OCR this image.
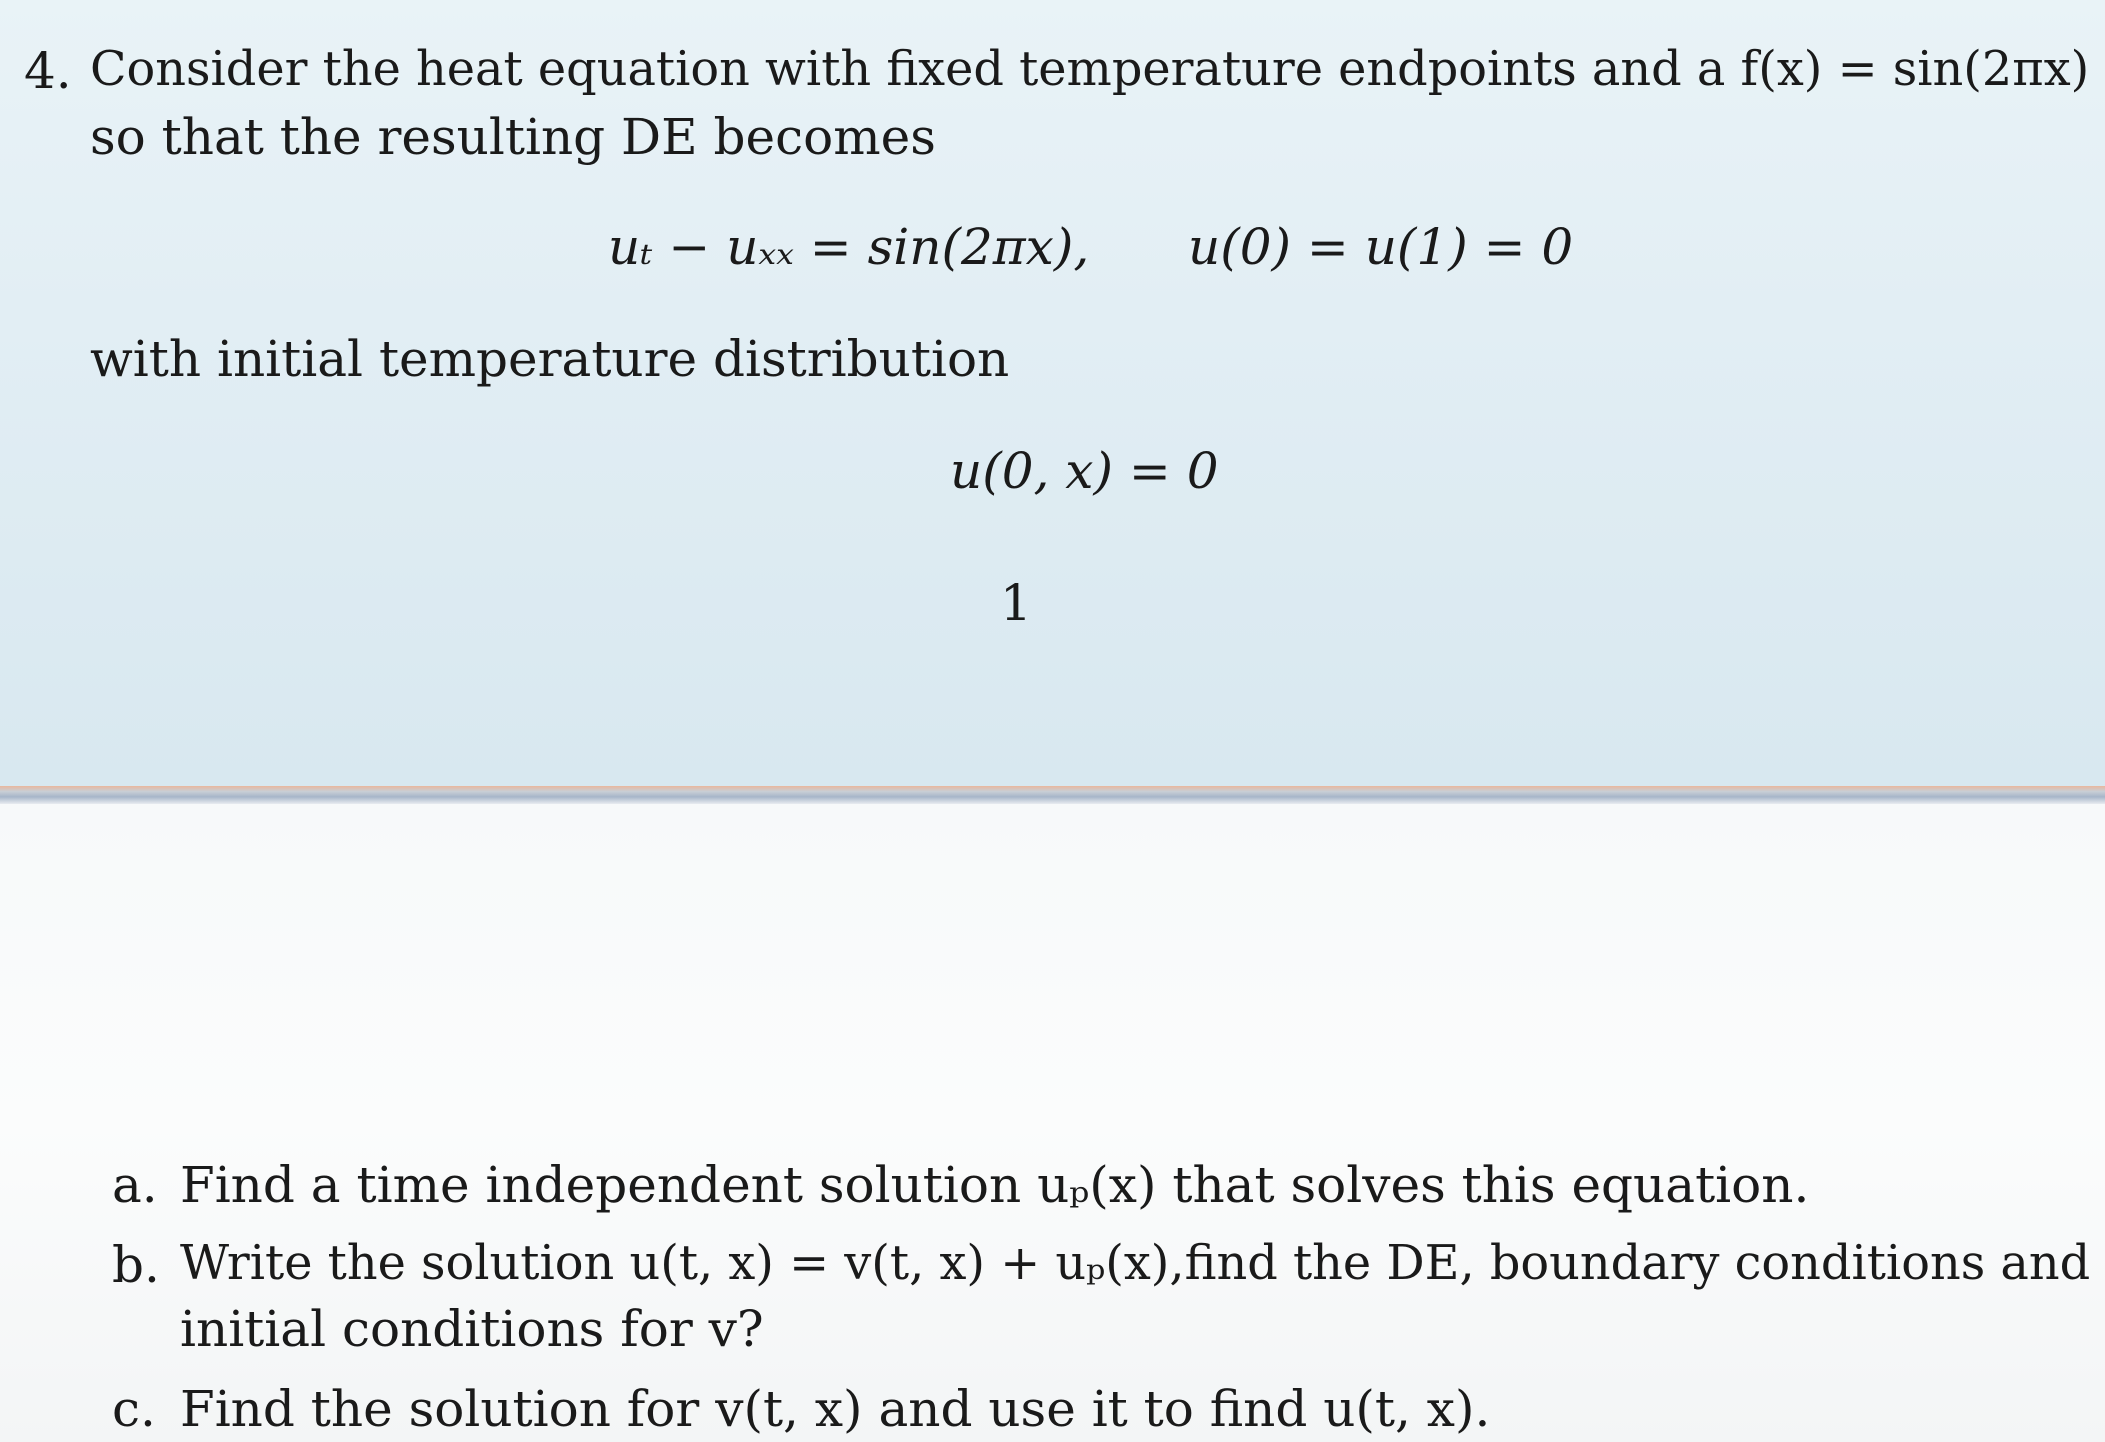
4. Consider the heat equation with fixed temperature endpoints and a f(x) = sin(2πx)
so that the resulting DE becomes
uₜ − uₓₓ = sin(2πx), u(0) = u(1) = 0
with initial temperature distribution
u(0, x) = 0
1
a. Find a time independent solution uₚ(x) that solves this equation.
b. Write the solution u(t, x) = v(t, x) + uₚ(x),find the DE, boundary conditions and
initial conditions for v?
c. Find the solution for v(t, x) and use it to find u(t, x).
